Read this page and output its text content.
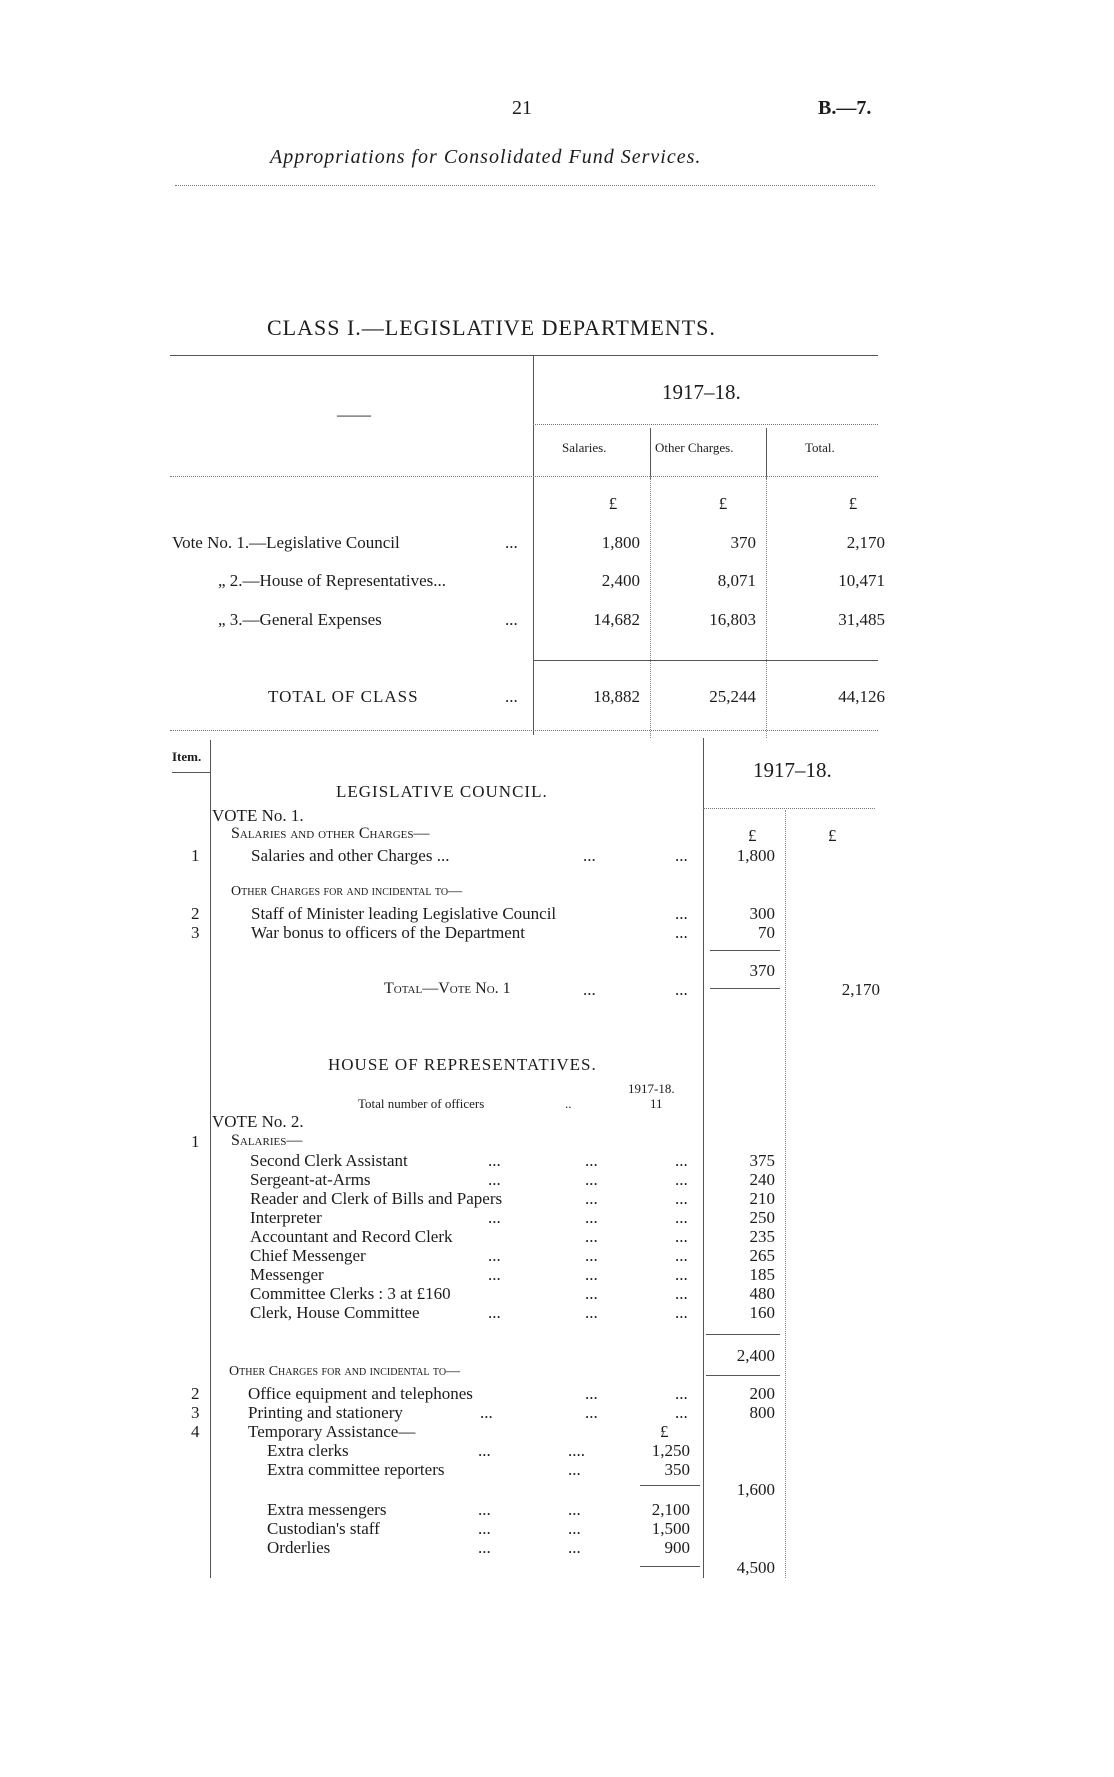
21	B.—7.
Appropriations for Consolidated Fund Services.
CLASS I.—LEGISLATIVE DEPARTMENTS.
——
1917–18.
Salaries.	Other Charges.	Total.
£	£	£
Vote No. 1.—Legislative Council	...	1,800	370	2,170
„ 2.—House of Representatives...	2,400	8,071	10,471
„ 3.—General Expenses	...	14,682	16,803	31,485
TOTAL OF CLASS	...	18,882	25,244	44,126
Item.
1917–18.
LEGISLATIVE COUNCIL.
VOTE No. 1.
Salaries and other Charges—	£	£
1	Salaries and other Charges ...	...	...	1,800
Other Charges for and incidental to—
2	Staff of Minister leading Legislative Council	...	300
3	War bonus to officers of the Department	...	70
370
Total—Vote No. 1	...	...	2,170
HOUSE OF REPRESENTATIVES.
1917-18.
Total number of officers	..	11
VOTE No. 2.
1 Salaries—
Second Clerk Assistant	...	...	...	375
Sergeant-at-Arms	...	...	...	240
Reader and Clerk of Bills and Papers	...	...	210
Interpreter	...	...	...	250
Accountant and Record Clerk	...	...	235
Chief Messenger	...	...	...	265
Messenger	...	...	...	185
Committee Clerks : 3 at £160	...	...	480
Clerk, House Committee	...	...	...	160
2,400
Other Charges for and incidental to—
2	Office equipment and telephones	...	...	200
3	Printing and stationery	...	...	...	800
4	Temporary Assistance—	£
Extra clerks	...	....	1,250
Extra committee reporters	...	350
1,600
Extra messengers	...	...	2,100
Custodian's staff	...	...	1,500
Orderlies	...	...	900
4,500
